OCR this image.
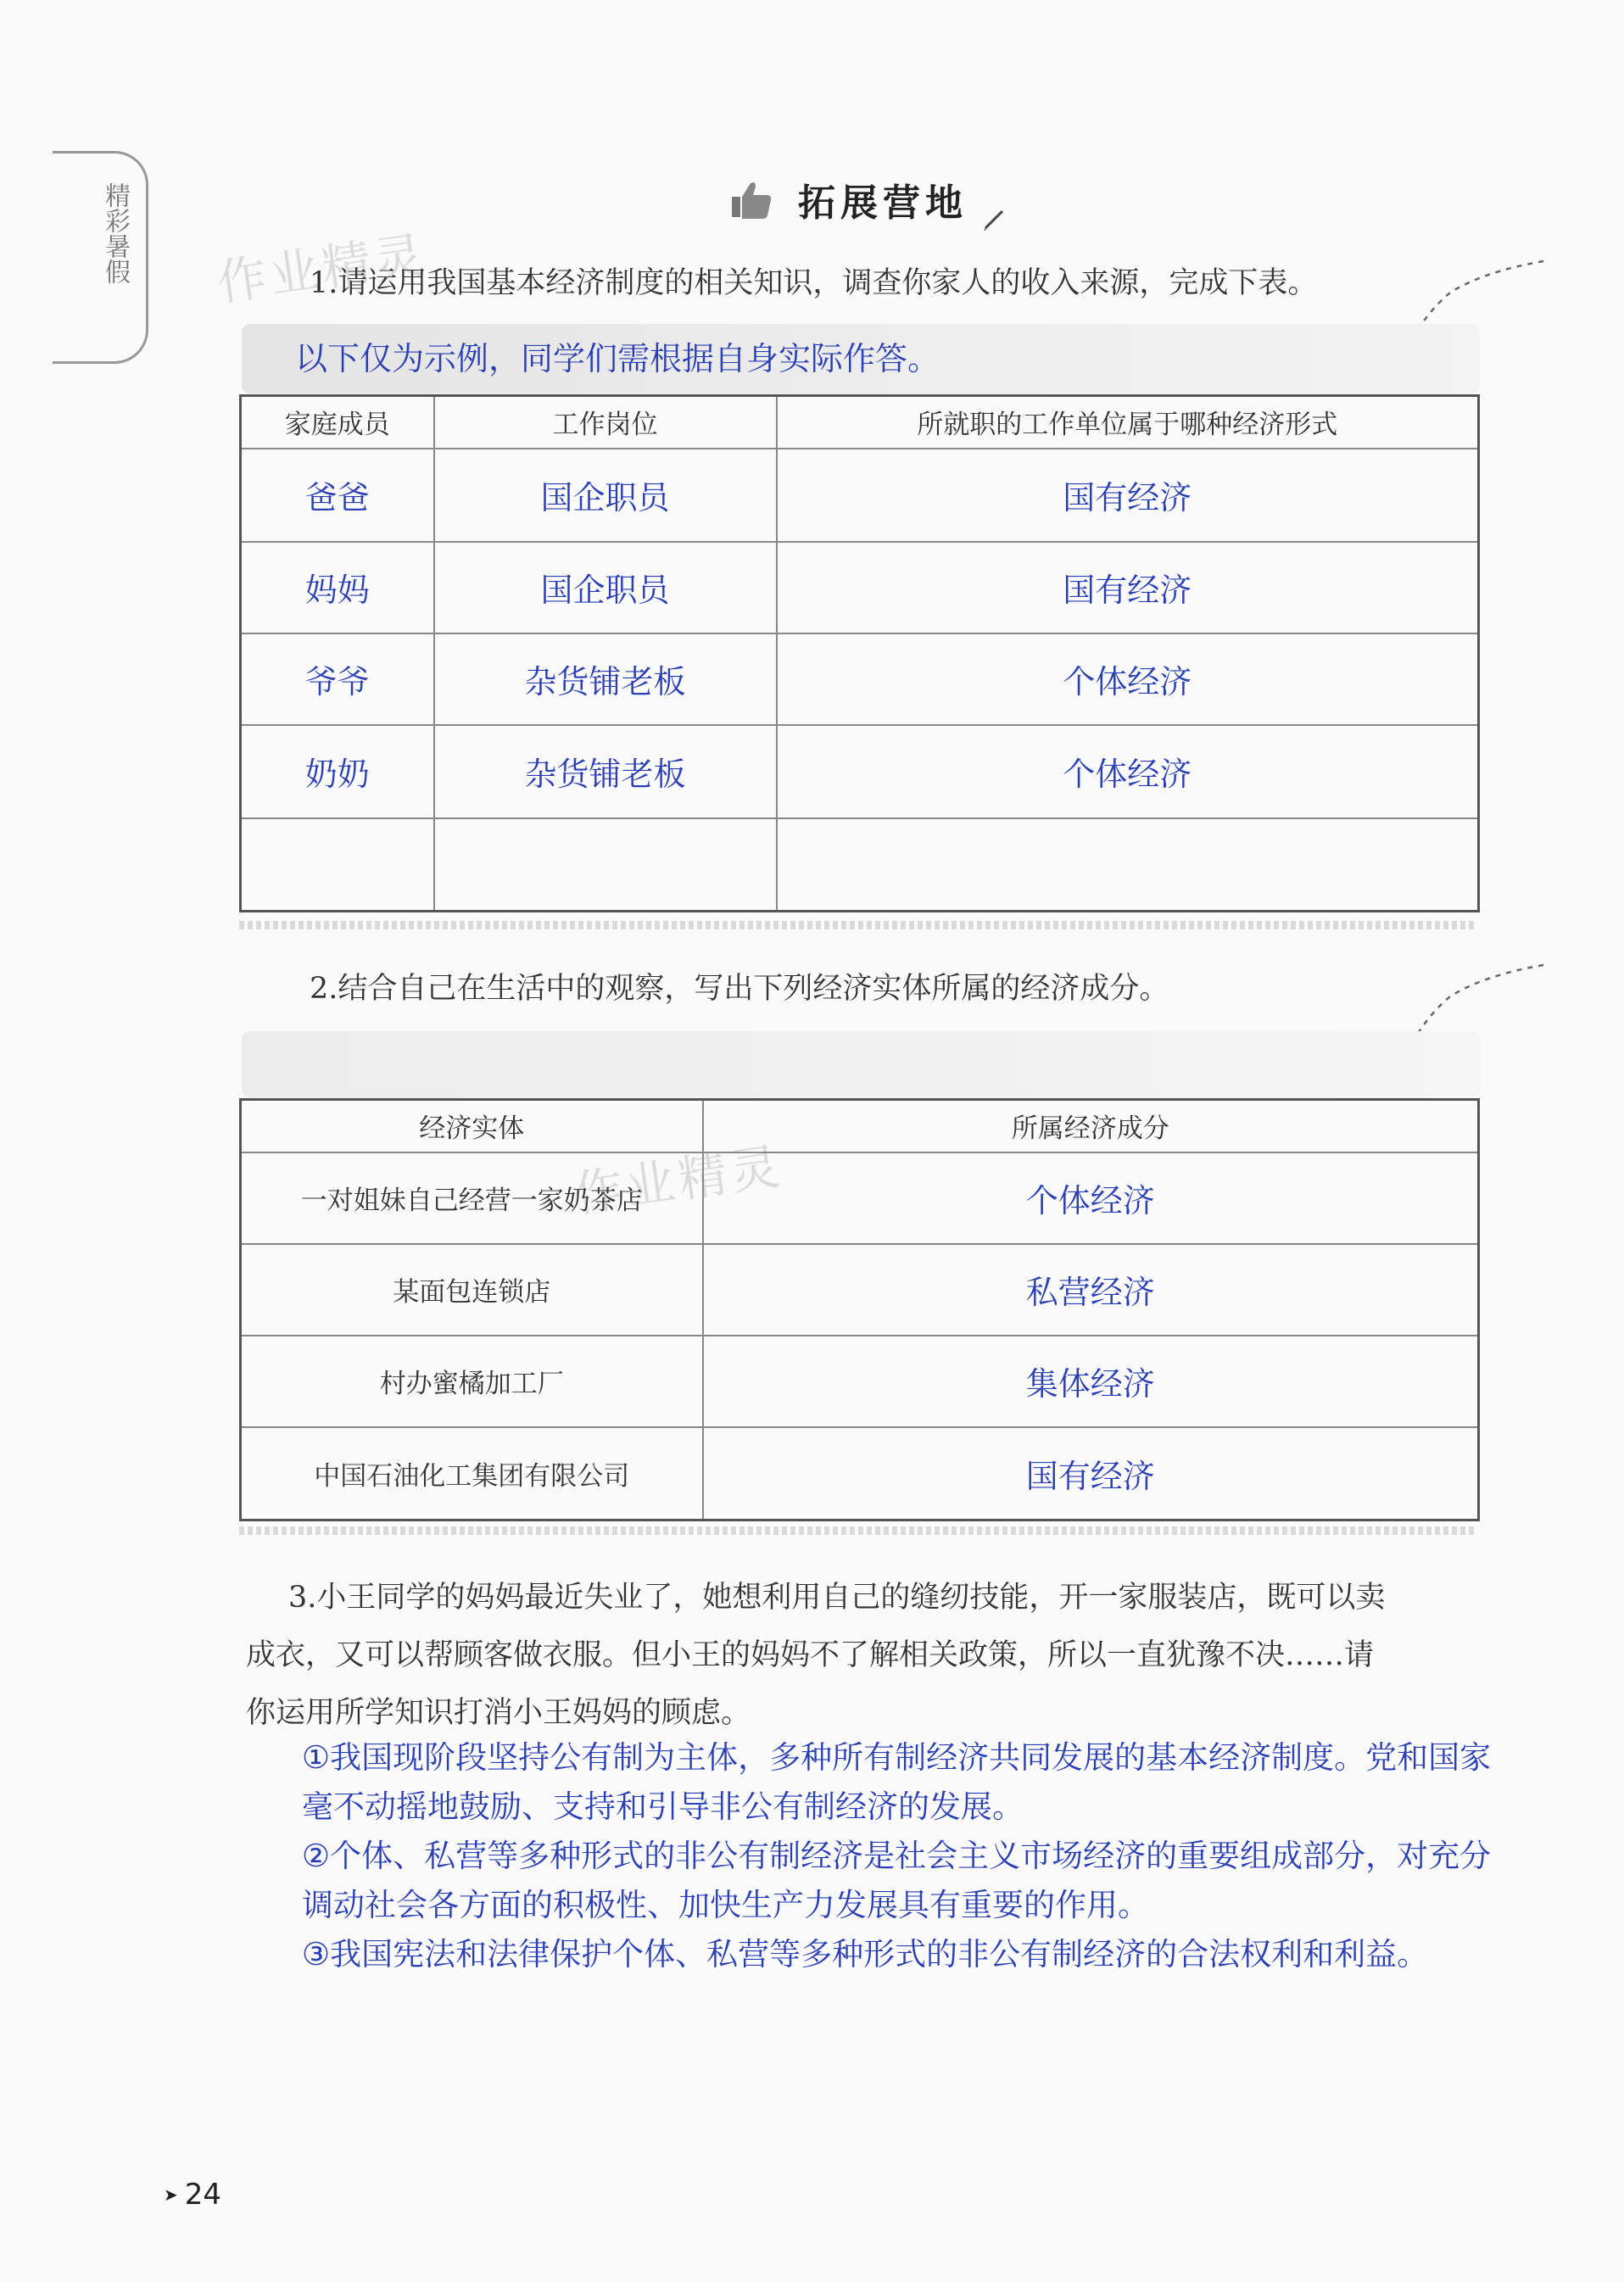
精彩暑假 作业精灵
作业精灵
拓展营地
1.请运用我国基本经济制度的相关知识，调查你家人的收入来源，完成下表。
以下仅为示例，同学们需根据自身实际作答。
家庭成员	工作岗位	所就职的工作单位属于哪种经济形式
爸爸	国企职员	国有经济
妈妈	国企职员	国有经济
爷爷	杂货铺老板	个体经济
奶奶	杂货铺老板	个体经济

2.结合自己在生活中的观察，写出下列经济实体所属的经济成分。
经济实体	所属经济成分
一对姐妹自己经营一家奶茶店	个体经济
某面包连锁店	私营经济
村办蜜橘加工厂	集体经济
中国石油化工集团有限公司	国有经济
3.小王同学的妈妈最近失业了，她想利用自己的缝纫技能，开一家服装店，既可以卖
成衣，又可以帮顾客做衣服。但小王的妈妈不了解相关政策，所以一直犹豫不决……请
你运用所学知识打消小王妈妈的顾虑。

①我国现阶段坚持公有制为主体，多种所有制经济共同发展的基本经济制度。党和国家毫不动摇地鼓励、支持和引导非公有制经济的发展。

②个体、私营等多种形式的非公有制经济是社会主义市场经济的重要组成部分，对充分调动社会各方面的积极性、加快生产力发展具有重要的作用。

③我国宪法和法律保护个体、私营等多种形式的非公有制经济的合法权利和利益。

➤ 24
